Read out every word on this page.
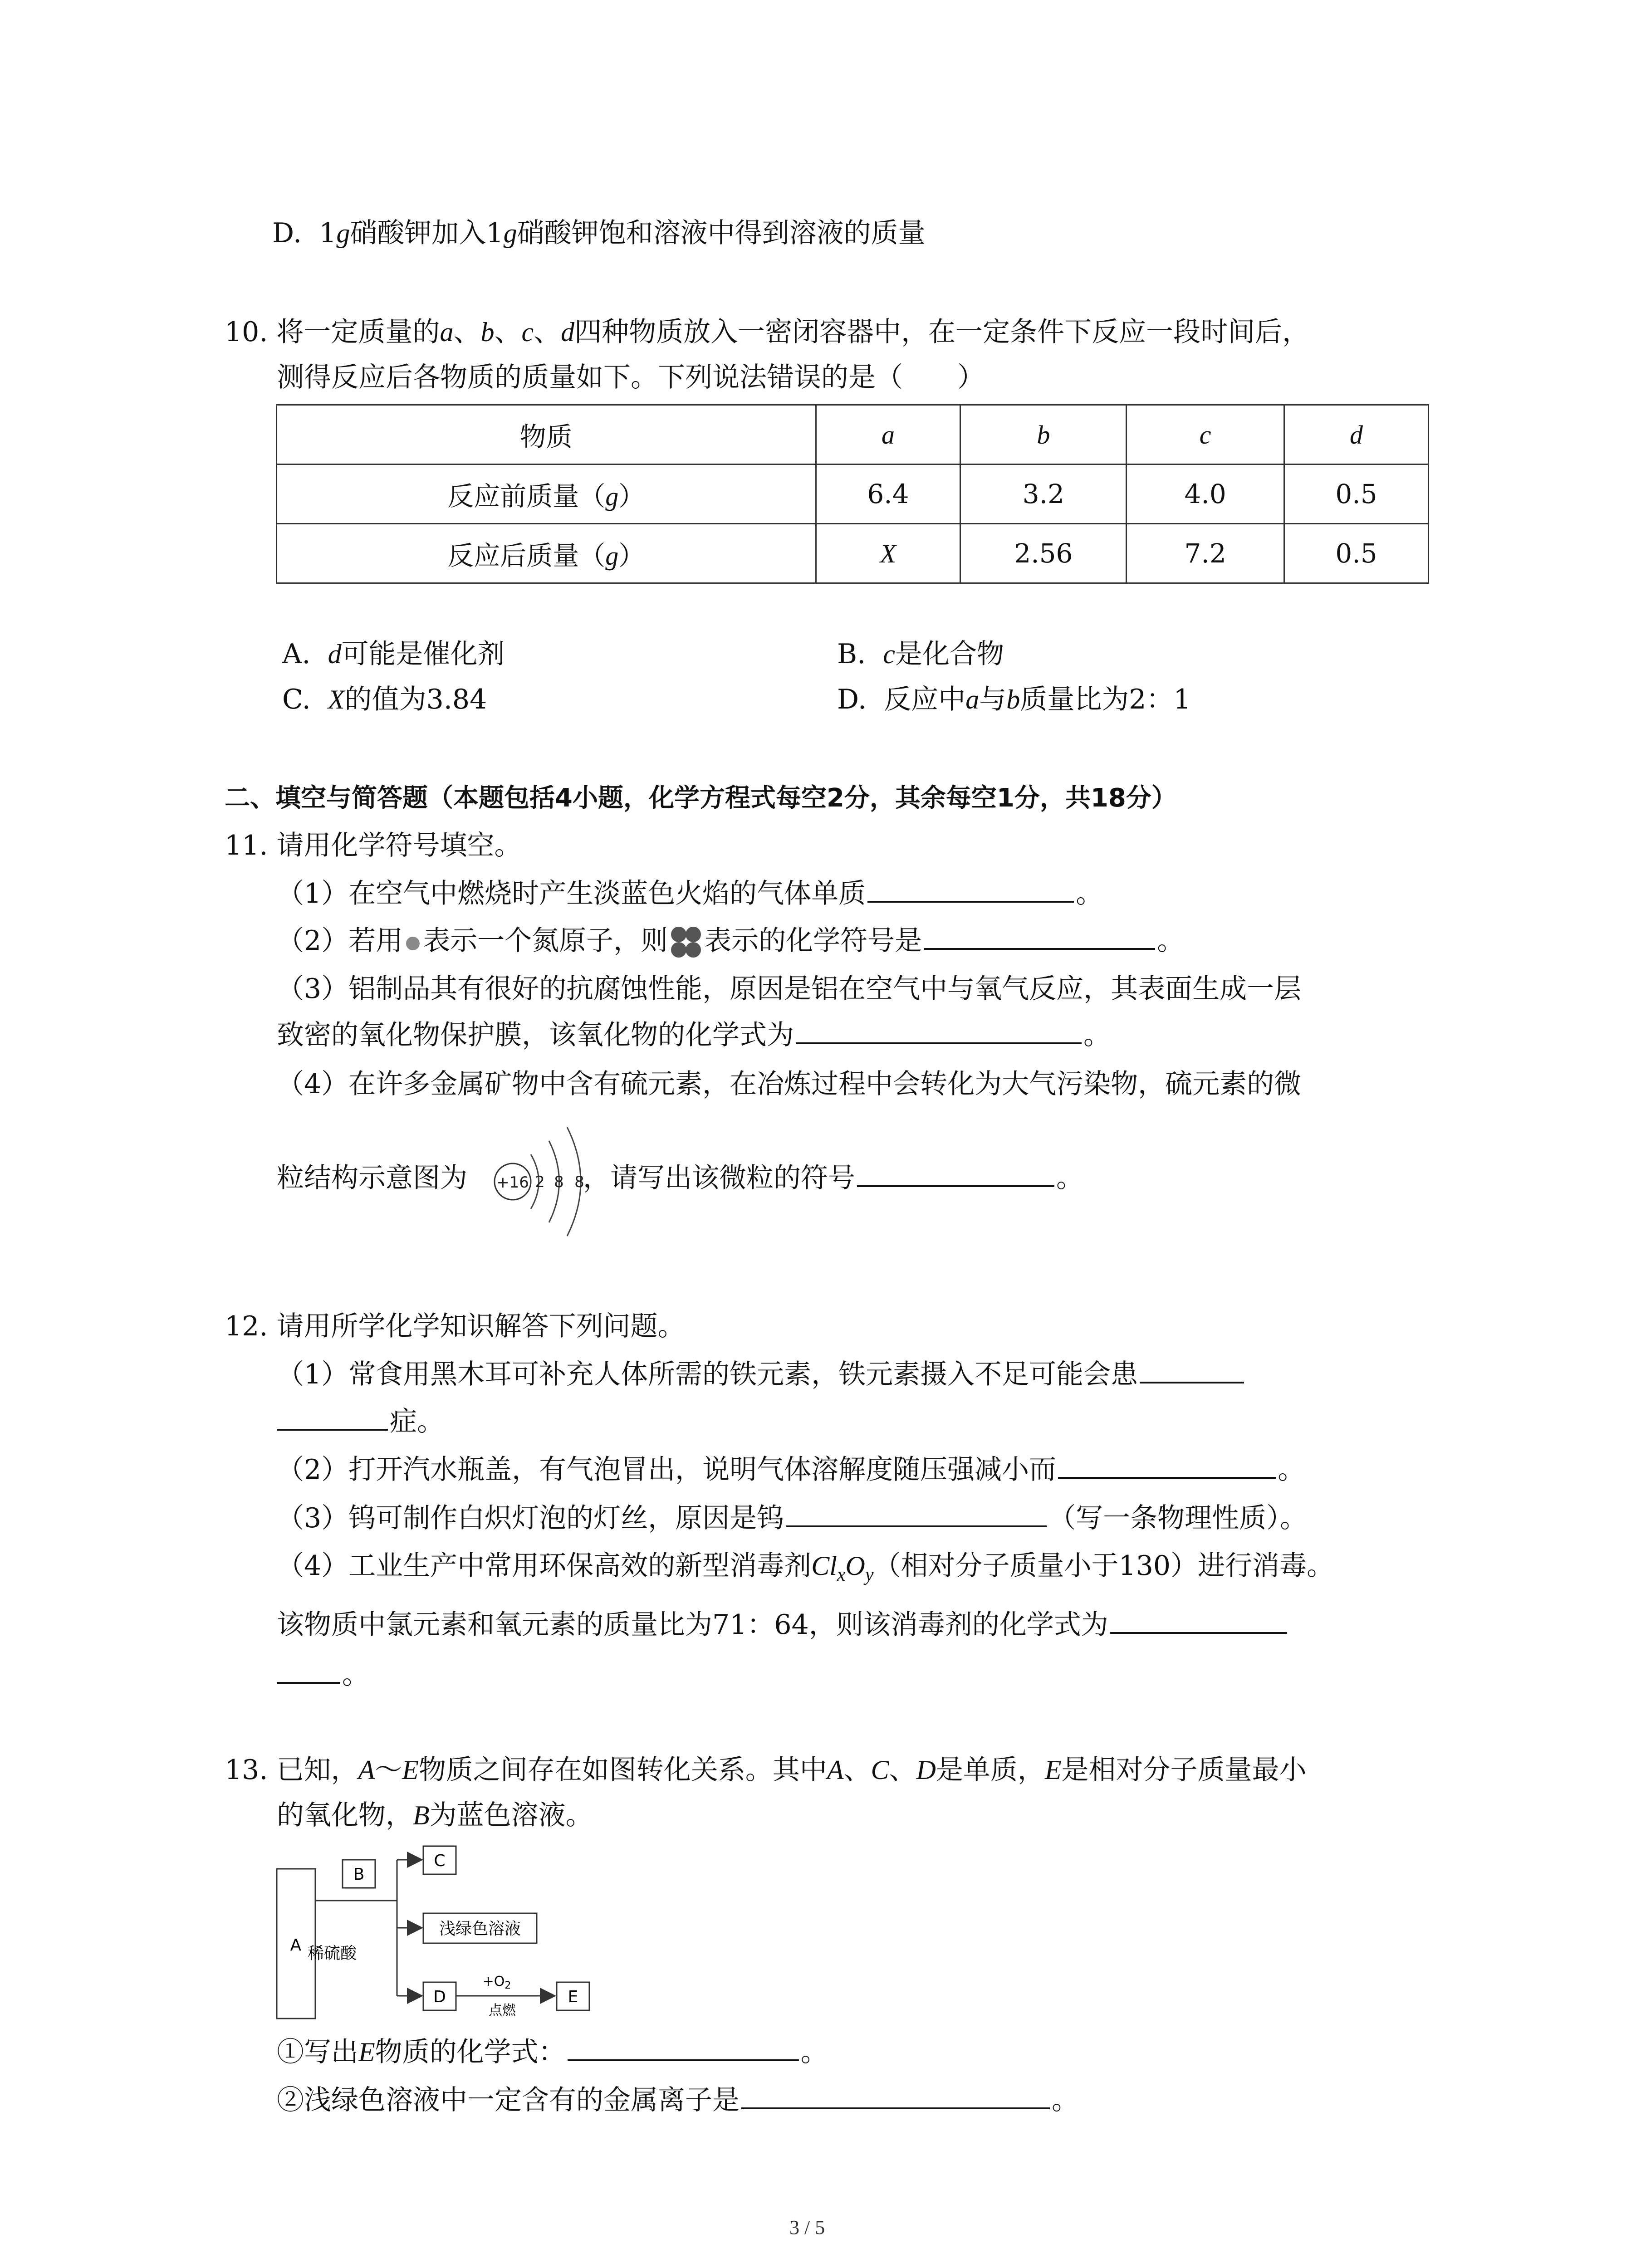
D. 1g硝酸钾加入1g硝酸钾饱和溶液中得到溶液的质量
10. 将一定质量的a、b、c、d四种物质放入一密闭容器中，在一定条件下反应一段时间后，
测得反应后各物质的质量如下。下列说法错误的是（　　）
物质	a	b	c	d
反应前质量（g）	6.4	3.2	4.0	0.5
反应后质量（g）	X	2.56	7.2	0.5
A. d可能是催化剂	B. c是化合物
C. X的值为3.84	D. 反应中a与b质量比为2：1
二、填空与简答题（本题包括4小题，化学方程式每空2分，其余每空1分，共18分）
11. 请用化学符号填空。
（1）在空气中燃烧时产生淡蓝色火焰的气体单质	。
（2）若用 表示一个氮原子，则 表示的化学符号是	。
（3）铝制品其有很好的抗腐蚀性能，原因是铝在空气中与氧气反应，其表面生成一层
致密的氧化物保护膜，该氧化物的化学式为	。
（4）在许多金属矿物中含有硫元素，在冶炼过程中会转化为大气污染物，硫元素的微
粒结构示意图为	，请写出该微粒的符号	。
+16 2 8 8
12. 请用所学化学知识解答下列问题。
（1）常食用黑木耳可补充人体所需的铁元素，铁元素摄入不足可能会患
症。
（2）打开汽水瓶盖，有气泡冒出，说明气体溶解度随压强减小而	。
（3）钨可制作白炽灯泡的灯丝，原因是钨	（写一条物理性质）。
（4）工业生产中常用环保高效的新型消毒剂$Cl_xO_y$（相对分子质量小于130）进行消毒。
该物质中氯元素和氧元素的质量比为71：64，则该消毒剂的化学式为
。
13. 已知，A～E物质之间存在如图转化关系。其中A、C、D是单质，E是相对分子质量最小
的氧化物，B为蓝色溶液。
A
B
C
稀硫酸
浅绿色溶液
D
$+O_2$
点燃
E
①写出E物质的化学式：	。
②浅绿色溶液中一定含有的金属离子是	。
3 / 5
